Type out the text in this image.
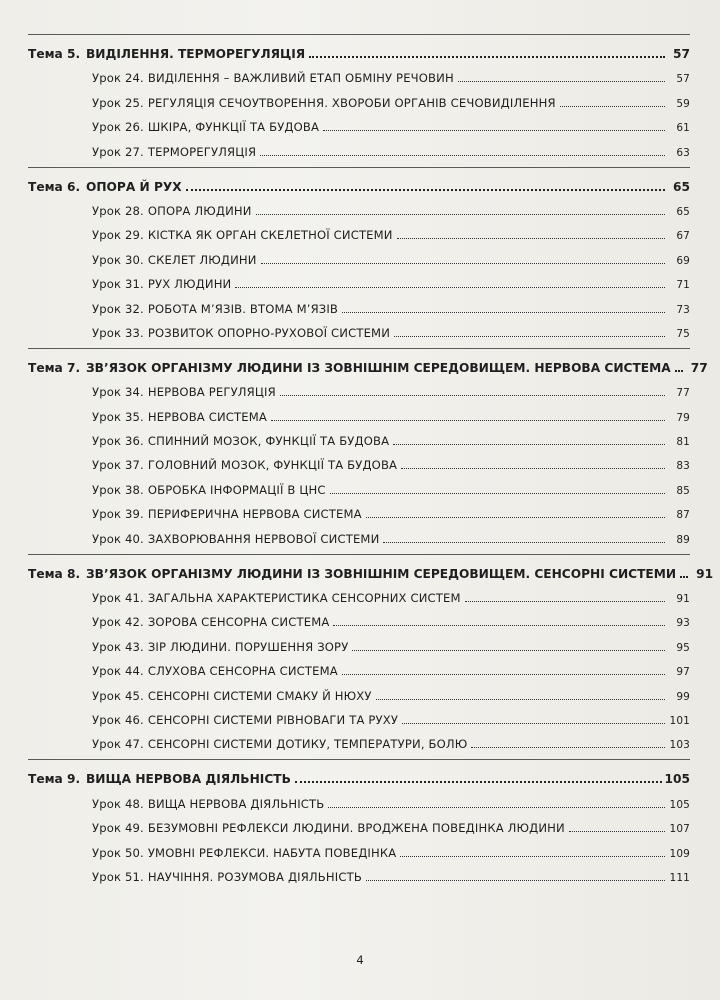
Тема 5. ВИДІЛЕННЯ. ТЕРМОРЕГУЛЯЦІЯ	57
Урок 24. ВИДІЛЕННЯ – ВАЖЛИВИЙ ЕТАП ОБМІНУ РЕЧОВИН	57
Урок 25. РЕГУЛЯЦІЯ СЕЧОУТВОРЕННЯ. ХВОРОБИ ОРГАНІВ СЕЧОВИДІЛЕННЯ	59
Урок 26. ШКІРА, ФУНКЦІЇ ТА БУДОВА	61
Урок 27. ТЕРМОРЕГУЛЯЦІЯ	63
Тема 6. ОПОРА Й РУХ	65
Урок 28. ОПОРА ЛЮДИНИ	65
Урок 29. КІСТКА ЯК ОРГАН СКЕЛЕТНОЇ СИСТЕМИ	67
Урок 30. СКЕЛЕТ ЛЮДИНИ	69
Урок 31. РУХ ЛЮДИНИ	71
Урок 32. РОБОТА М’ЯЗІВ. ВТОМА М’ЯЗІВ	73
Урок 33. РОЗВИТОК ОПОРНО-РУХОВОЇ СИСТЕМИ	75
Тема 7. ЗВ’ЯЗОК ОРГАНІЗМУ ЛЮДИНИ ІЗ ЗОВНІШНІМ СЕРЕДОВИЩЕМ. НЕРВОВА СИСТЕМА	77
Урок 34. НЕРВОВА РЕГУЛЯЦІЯ	77
Урок 35. НЕРВОВА СИСТЕМА	79
Урок 36. СПИННИЙ МОЗОК, ФУНКЦІЇ ТА БУДОВА	81
Урок 37. ГОЛОВНИЙ МОЗОК, ФУНКЦІЇ ТА БУДОВА	83
Урок 38. ОБРОБКА ІНФОРМАЦІЇ В ЦНС	85
Урок 39. ПЕРИФЕРИЧНА НЕРВОВА СИСТЕМА	87
Урок 40. ЗАХВОРЮВАННЯ НЕРВОВОЇ СИСТЕМИ	89
Тема 8. ЗВ’ЯЗОК ОРГАНІЗМУ ЛЮДИНИ ІЗ ЗОВНІШНІМ СЕРЕДОВИЩЕМ. СЕНСОРНІ СИСТЕМИ	91
Урок 41. ЗАГАЛЬНА ХАРАКТЕРИСТИКА СЕНСОРНИХ СИСТЕМ	91
Урок 42. ЗОРОВА СЕНСОРНА СИСТЕМА	93
Урок 43. ЗІР ЛЮДИНИ. ПОРУШЕННЯ ЗОРУ	95
Урок 44. СЛУХОВА СЕНСОРНА СИСТЕМА	97
Урок 45. СЕНСОРНІ СИСТЕМИ СМАКУ Й НЮХУ	99
Урок 46. СЕНСОРНІ СИСТЕМИ РІВНОВАГИ ТА РУХУ	101
Урок 47. СЕНСОРНІ СИСТЕМИ ДОТИКУ, ТЕМПЕРАТУРИ, БОЛЮ	103
Тема 9. ВИЩА НЕРВОВА ДІЯЛЬНІСТЬ	105
Урок 48. ВИЩА НЕРВОВА ДІЯЛЬНІСТЬ	105
Урок 49. БЕЗУМОВНІ РЕФЛЕКСИ ЛЮДИНИ. ВРОДЖЕНА ПОВЕДІНКА ЛЮДИНИ	107
Урок 50. УМОВНІ РЕФЛЕКСИ. НАБУТА ПОВЕДІНКА	109
Урок 51. НАУЧІННЯ. РОЗУМОВА ДІЯЛЬНІСТЬ	111
4
